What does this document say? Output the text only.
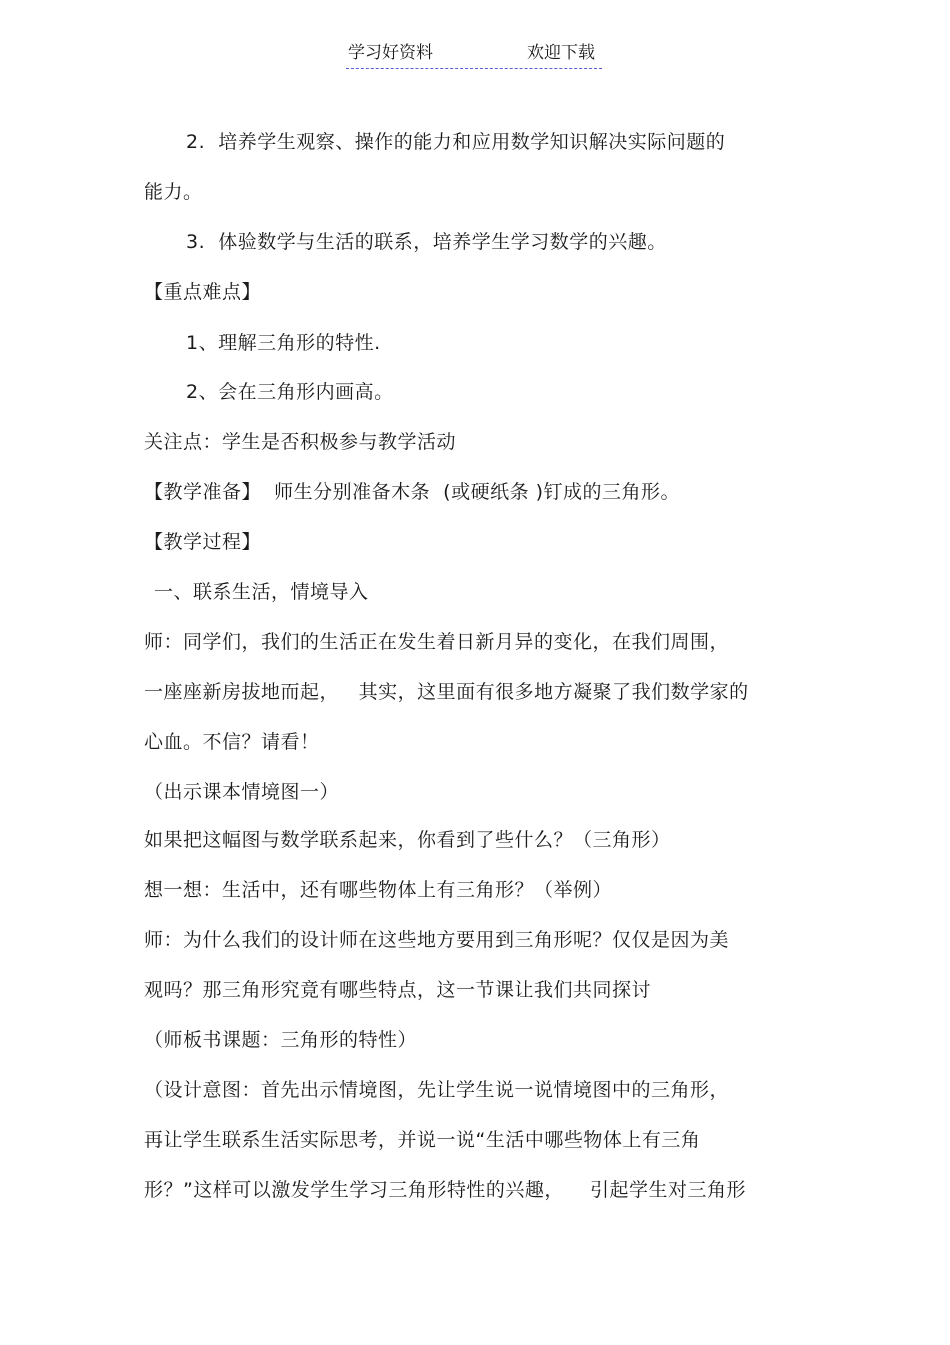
学习好资料	欢迎下载
2.  培养学生观察、操作的能力和应用数学知识解决实际问题的
能力。
3.  体验数学与生活的联系，培养学生学习数学的兴趣。
【重点难点】
1、理解三角形的特性.
2、会在三角形内画高。
关注点：学生是否积极参与教学活动
【教学准备】  师生分别准备木条  (或硬纸条 )钉成的三角形。
【教学过程】
一、联系生活，情境导入
师：同学们，我们的生活正在发生着日新月异的变化，在我们周围，
一座座新房拔地而起，   其实，这里面有很多地方凝聚了我们数学家的
心血。不信？请看！
（出示课本情境图一）
如果把这幅图与数学联系起来，你看到了些什么？（三角形）
想一想：生活中，还有哪些物体上有三角形？（举例）
师：为什么我们的设计师在这些地方要用到三角形呢？仅仅是因为美
观吗？那三角形究竟有哪些特点，这一节课让我们共同探讨
（师板书课题：三角形的特性）
（设计意图：首先出示情境图，先让学生说一说情境图中的三角形，
再让学生联系生活实际思考，并说一说“生活中哪些物体上有三角
形？”这样可以激发学生学习三角形特性的兴趣，    引起学生对三角形
